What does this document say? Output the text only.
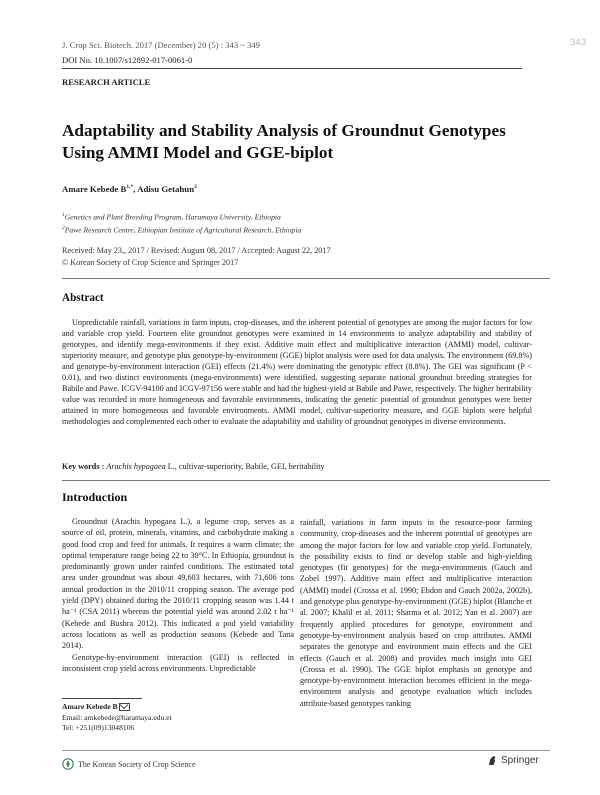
J. Crop Sci. Biotech. 2017 (December) 20 (5) : 343 ~ 349
DOI No. 10.1007/s12892-017-0061-0
343
RESEARCH ARTICLE
Adaptability and Stability Analysis of Groundnut Genotypes Using AMMI Model and GGE-biplot
Amare Kebede $B^{1,*}$, Adisu Getahun$^2$
$^1$Genetics and Plant Breeding Program, Haramaya University, Ethiopia
$^2$Pawe Research Centre, Ethiopian Institute of Agricultural Research, Ethiopia
Received: May 23,, 2017 / Revised: August 08, 2017 / Accepted: August 22, 2017
© Korean Society of Crop Science and Springer 2017
Abstract
Unpredictable rainfall, variations in farm inputs, crop-diseases, and the inherent potential of genotypes are among the major factors for low and variable crop yield. Fourteen elite groundnut genotypes were examined in 14 environments to analyze adaptability and stability of genotypes, and identify mega-environments if they exist. Additive main effect and multiplicative interaction (AMMI) model, cultivar-superiority measure, and genotype plus genotype-by-environment (GGE) biplot analysis were used for data analysis. The environment (69.8%) and genotype-by-environment interaction (GEI) effects (21.4%) were dominating the genotypic effect (8.8%). The GEI was significant (P < 0.01), and two distinct environments (mega-environments) were identified, suggesting separate national groundnut breeding strategies for Babile and Pawe. ICGV-94100 and ICGV-97156 were stable and had the highest-yield at Babile and Pawe, respectively. The higher heritability value was recorded in more homogeneous and favorable environments, indicating the genetic potential of groundnut genotypes were better attained in more homogeneous and favorable environments. AMMI model, cultivar-superiority measure, and GGE biplots were helpful methodologies and complemented each other to evaluate the adaptability and stability of groundnut genotypes in diverse environments.
Key words : Arachis hypogaea L., cultivar-superiority, Babile, GEI, heritability
Introduction

Groundnut (Arachis hypogaea L.), a legume crop, serves as a source of oil, protein, minerals, vitamins, and carbohydrate making a good food crop and feed for animals. It requires a warm climate; the optimal temperature range being 22 to 30°C. In Ethiopia, groundnut is predominantly grown under rainfed conditions. The estimated total area under groundnut was about 49,603 hectares, with 71,606 tons annual production in the 2010/11 cropping season. The average pod yield (DPY) obtained during the 2010/11 cropping season was 1.44 t ha⁻¹ (CSA 2011) whereas the potential yield was around 2.02 t ha⁻¹ (Kebede and Bushra 2012). This indicated a pod yield variability across locations as well as production seasons (Kebede and Tana 2014).

Genotype-by-environment interaction (GEI) is reflected in inconsistent crop yield across environments. Unpredictable

rainfall, variations in farm inputs in the resource-poor farming community, crop-diseases and the inherent potential of genotypes are among the major factors for low and variable crop yield. Fortunately, the possibility exists to find or develop stable and high-yielding genotypes (fit genotypes) for the mega-environments (Gauch and Zobel 1997). Additive main effect and multiplicative interaction (AMMI) model (Crossa et al. 1990; Ebdon and Gauch 2002a, 2002b), and genotype plus genotype-by-environment (GGE) biplot (Blanche et al. 2007; Khalil et al. 2011; Sharma et al. 2012; Yan et al. 2007) are frequently applied procedures for genotype, environment and genotype-by-environment analysis based on crop attributes. AMMI separates the genotype and environment main effects and the GEI effects (Gauch et al. 2008) and provides much insight into GEI (Crossa et al. 1990). The GGE biplot emphasis on genotype and genotype-by-environment interaction becomes efficient in the mega-environment analysis and genotype evaluation which includes attribute-based genotypes ranking

Amare Kebede B
Email: amkebede@haramaya.edu.et
Tel: +251(09)13048106
The Korean Society of Crop Science	Springer
